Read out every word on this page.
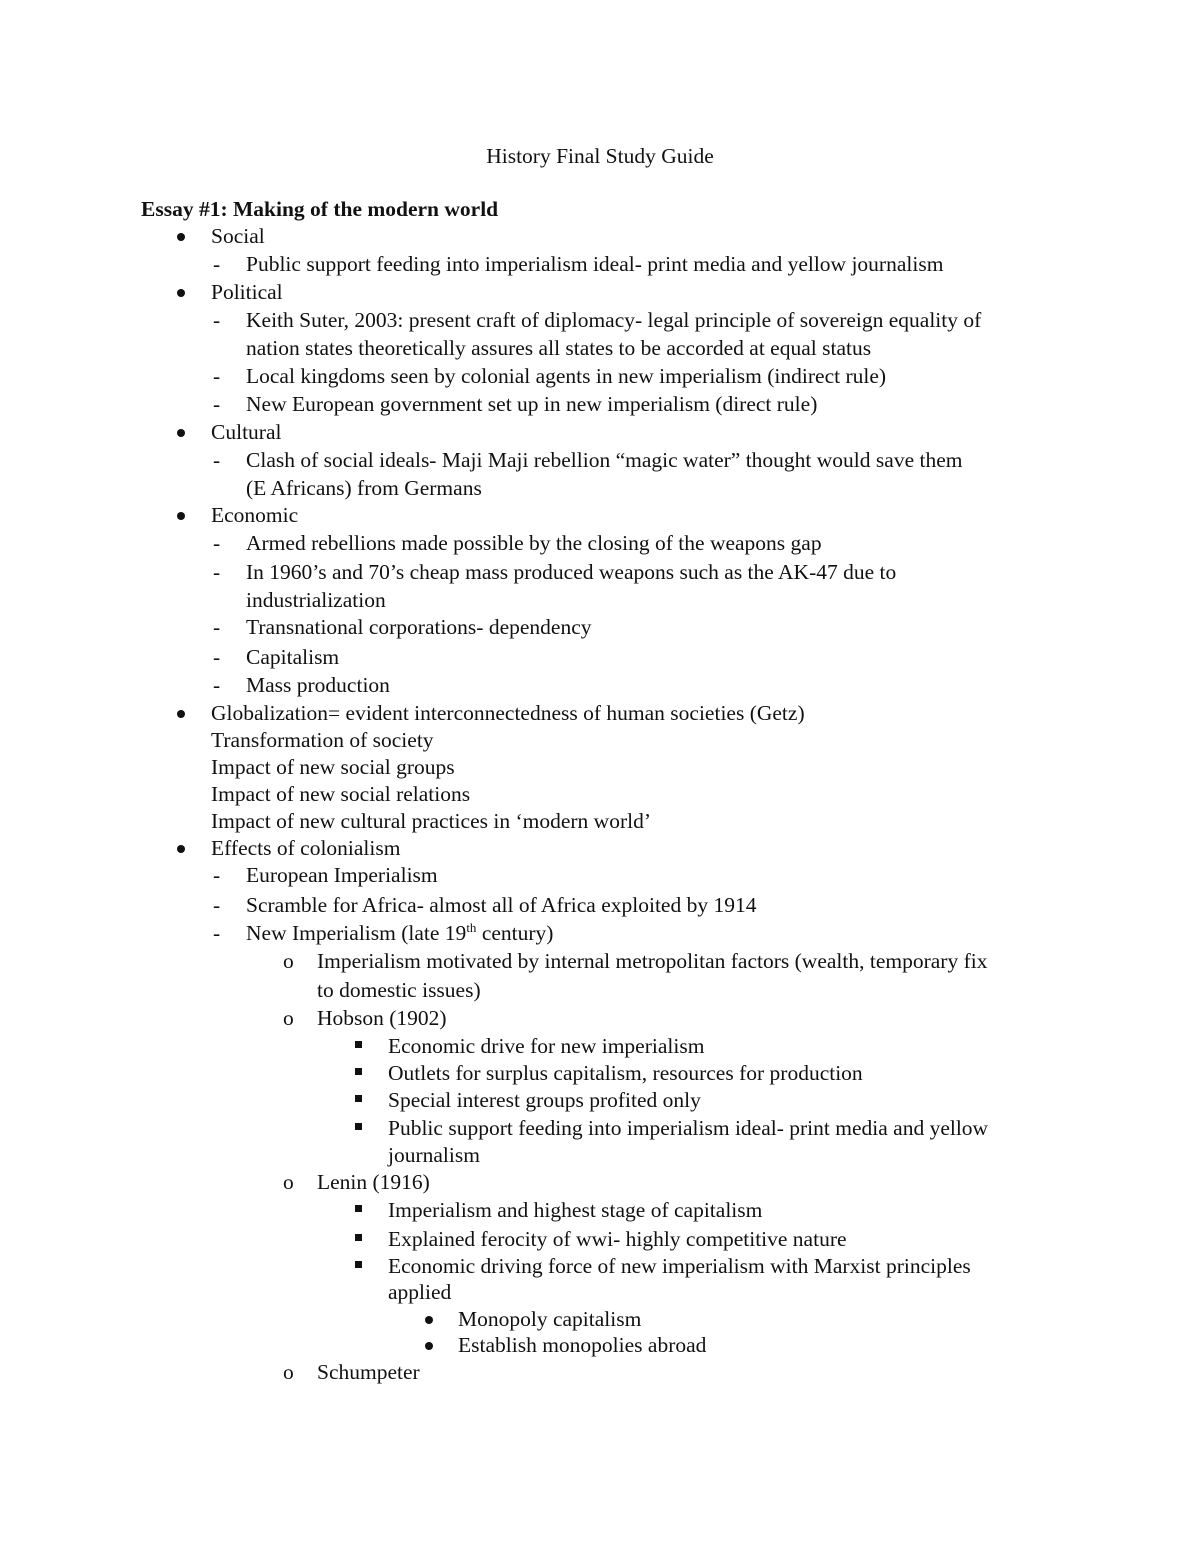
History Final Study Guide
Essay #1: Making of the modern world
Social
- Public support feeding into imperialism ideal- print media and yellow journalism
Political
- Keith Suter, 2003: present craft of diplomacy- legal principle of sovereign equality of
nation states theoretically assures all states to be accorded at equal status
- Local kingdoms seen by colonial agents in new imperialism (indirect rule)
- New European government set up in new imperialism (direct rule)
Cultural
- Clash of social ideals- Maji Maji rebellion “magic water” thought would save them
(E Africans) from Germans
Economic
- Armed rebellions made possible by the closing of the weapons gap
- In 1960’s and 70’s cheap mass produced weapons such as the AK-47 due to
industrialization
- Transnational corporations- dependency
- Capitalism
- Mass production
Globalization= evident interconnectedness of human societies (Getz)
Transformation of society
Impact of new social groups
Impact of new social relations
Impact of new cultural practices in ‘modern world’
Effects of colonialism
- European Imperialism
- Scramble for Africa- almost all of Africa exploited by 1914
- New Imperialism (late 19th century)
o Imperialism motivated by internal metropolitan factors (wealth, temporary fix
to domestic issues)
o Hobson (1902)
Economic drive for new imperialism
Outlets for surplus capitalism, resources for production
Special interest groups profited only
Public support feeding into imperialism ideal- print media and yellow
journalism
o Lenin (1916)
Imperialism and highest stage of capitalism
Explained ferocity of wwi- highly competitive nature
Economic driving force of new imperialism with Marxist principles
applied
Monopoly capitalism
Establish monopolies abroad
o Schumpeter
